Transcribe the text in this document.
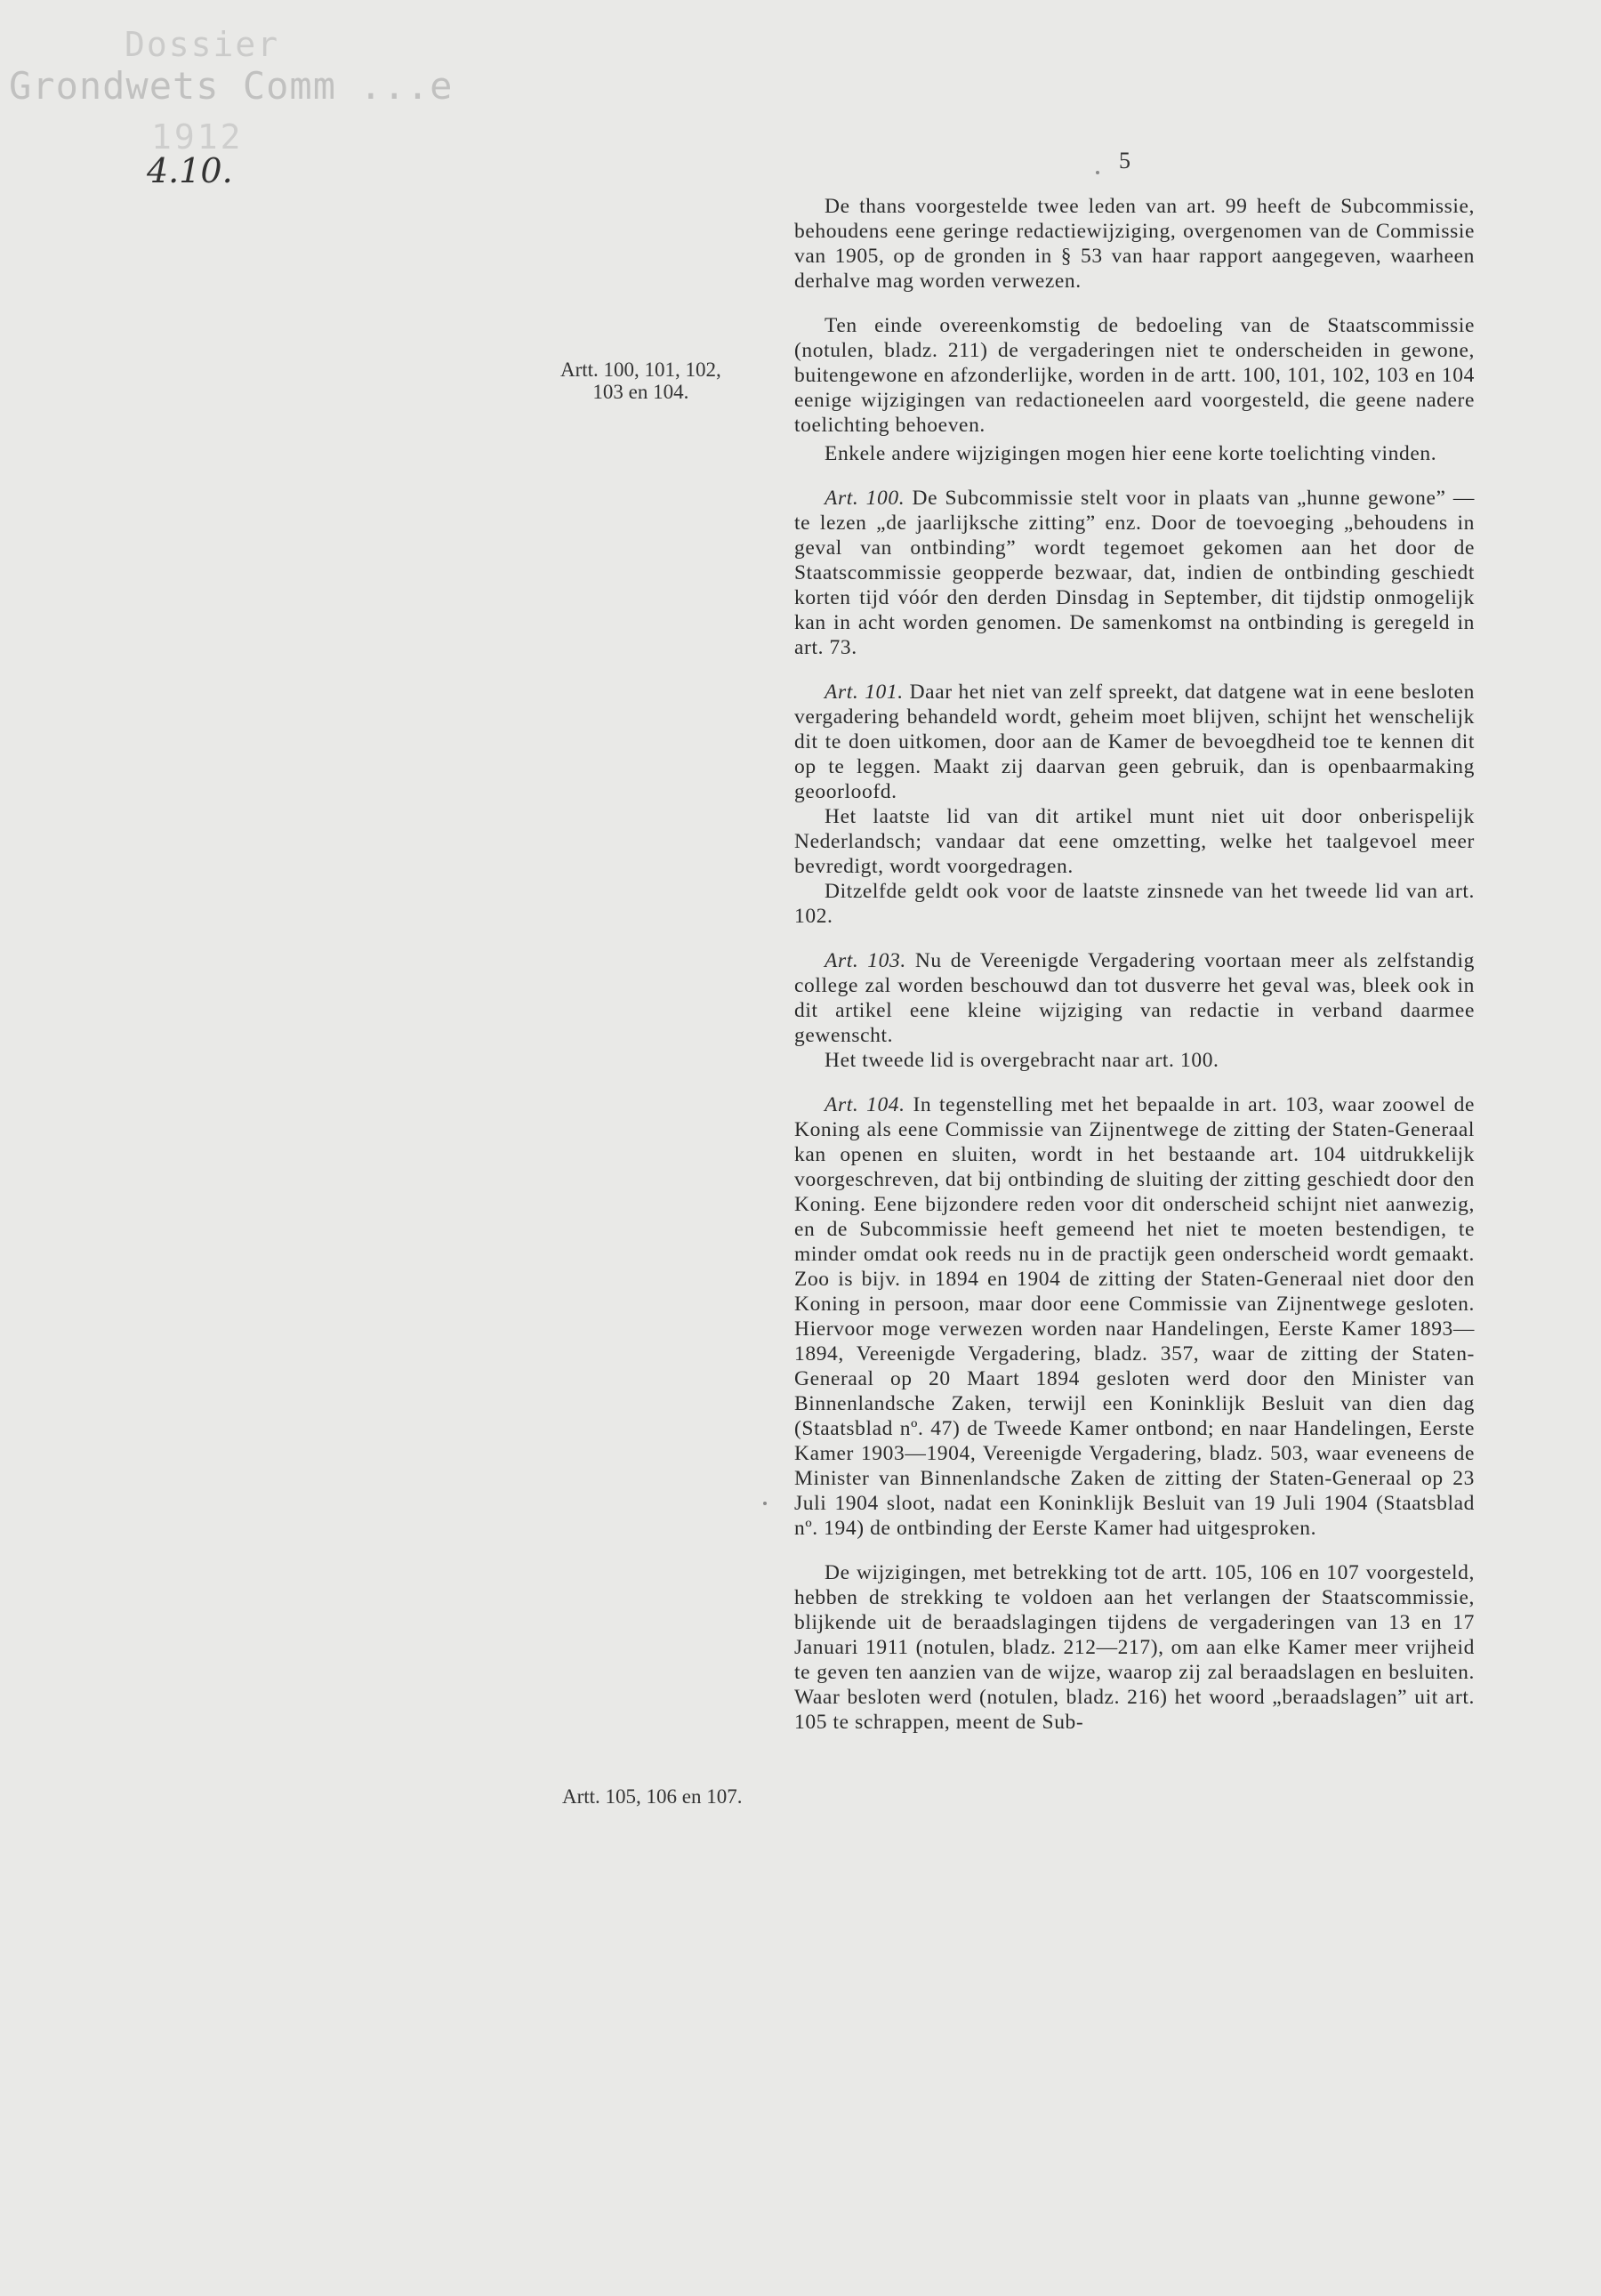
Dossier
Grondwets Comm ...e
1912
4.10.	5
Artt. 100, 101, 102,
103 en 104.
Artt. 105, 106 en 107.

De thans voorgestelde twee leden van art. 99 heeft de Subcommissie, behoudens eene geringe redactiewijziging, overgenomen van de Commissie van 1905, op de gronden in § 53 van haar rapport aangegeven, waarheen derhalve mag worden verwezen.

Ten einde overeenkomstig de bedoeling van de Staatscommissie (notulen, bladz. 211) de vergaderingen niet te onderscheiden in gewone, buitengewone en afzonderlijke, worden in de artt. 100, 101, 102, 103 en 104 eenige wijzigingen van redactioneelen aard voorgesteld, die geene nadere toelichting behoeven.

Enkele andere wijzigingen mogen hier eene korte toelichting vinden.

Art. 100. De Subcommissie stelt voor in plaats van „hunne gewone” — te lezen „de jaarlijksche zitting” enz. Door de toevoeging „behoudens in geval van ontbinding” wordt tegemoet gekomen aan het door de Staatscommissie geopperde bezwaar, dat, indien de ontbinding geschiedt korten tijd vóór den derden Dinsdag in September, dit tijdstip onmogelijk kan in acht worden genomen. De samenkomst na ontbinding is geregeld in art. 73.

Art. 101. Daar het niet van zelf spreekt, dat datgene wat in eene besloten vergadering behandeld wordt, geheim moet blijven, schijnt het wenschelijk dit te doen uitkomen, door aan de Kamer de bevoegdheid toe te kennen dit op te leggen. Maakt zij daarvan geen gebruik, dan is openbaarmaking geoorloofd.

Het laatste lid van dit artikel munt niet uit door onberispelijk Nederlandsch; vandaar dat eene omzetting, welke het taalgevoel meer bevredigt, wordt voorgedragen.

Ditzelfde geldt ook voor de laatste zinsnede van het tweede lid van art. 102.

Art. 103. Nu de Vereenigde Vergadering voortaan meer als zelfstandig college zal worden beschouwd dan tot dusverre het geval was, bleek ook in dit artikel eene kleine wijziging van redactie in verband daarmee gewenscht.

Het tweede lid is overgebracht naar art. 100.

Art. 104. In tegenstelling met het bepaalde in art. 103, waar zoowel de Koning als eene Commissie van Zijnentwege de zitting der Staten-Generaal kan openen en sluiten, wordt in het bestaande art. 104 uitdrukkelijk voorgeschreven, dat bij ontbinding de sluiting der zitting geschiedt door den Koning. Eene bijzondere reden voor dit onderscheid schijnt niet aanwezig, en de Subcommissie heeft gemeend het niet te moeten bestendigen, te minder omdat ook reeds nu in de practijk geen onderscheid wordt gemaakt. Zoo is bijv. in 1894 en 1904 de zitting der Staten-Generaal niet door den Koning in persoon, maar door eene Commissie van Zijnentwege gesloten. Hiervoor moge verwezen worden naar Handelingen, Eerste Kamer 1893—1894, Vereenigde Vergadering, bladz. 357, waar de zitting der Staten-Generaal op 20 Maart 1894 gesloten werd door den Minister van Binnenlandsche Zaken, terwijl een Koninklijk Besluit van dien dag (Staatsblad nº. 47) de Tweede Kamer ontbond; en naar Handelingen, Eerste Kamer 1903—1904, Vereenigde Vergadering, bladz. 503, waar eveneens de Minister van Binnenlandsche Zaken de zitting der Staten-Generaal op 23 Juli 1904 sloot, nadat een Koninklijk Besluit van 19 Juli 1904 (Staatsblad nº. 194) de ontbinding der Eerste Kamer had uitgesproken.

De wijzigingen, met betrekking tot de artt. 105, 106 en 107 voorgesteld, hebben de strekking te voldoen aan het verlangen der Staatscommissie, blijkende uit de beraadslagingen tijdens de vergaderingen van 13 en 17 Januari 1911 (notulen, bladz. 212—217), om aan elke Kamer meer vrijheid te geven ten aanzien van de wijze, waarop zij zal beraadslagen en besluiten. Waar besloten werd (notulen, bladz. 216) het woord „beraadslagen” uit art. 105 te schrappen, meent de Sub-
